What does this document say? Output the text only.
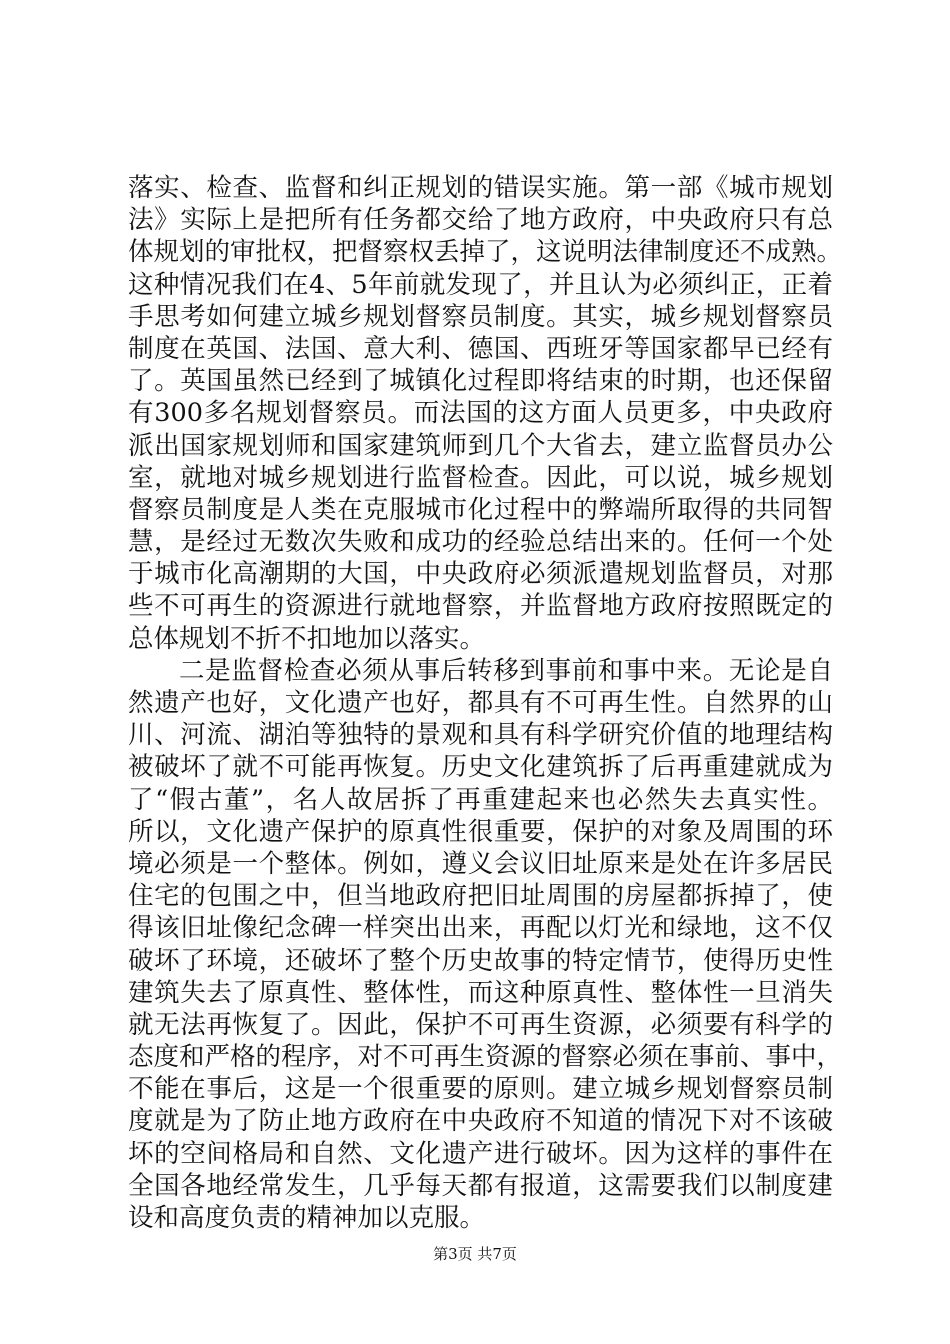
落实、检查、监督和纠正规划的错误实施。第一部《城市规划
法》实际上是把所有任务都交给了地方政府，中央政府只有总
体规划的审批权，把督察权丢掉了，这说明法律制度还不成熟。
这种情况我们在4、5年前就发现了，并且认为必须纠正，正着
手思考如何建立城乡规划督察员制度。其实，城乡规划督察员
制度在英国、法国、意大利、德国、西班牙等国家都早已经有
了。英国虽然已经到了城镇化过程即将结束的时期，也还保留
有300多名规划督察员。而法国的这方面人员更多，中央政府
派出国家规划师和国家建筑师到几个大省去，建立监督员办公
室，就地对城乡规划进行监督检查。因此，可以说，城乡规划
督察员制度是人类在克服城市化过程中的弊端所取得的共同智
慧，是经过无数次失败和成功的经验总结出来的。任何一个处
于城市化高潮期的大国，中央政府必须派遣规划监督员，对那
些不可再生的资源进行就地督察，并监督地方政府按照既定的
总体规划不折不扣地加以落实。
二是监督检查必须从事后转移到事前和事中来。无论是自
然遗产也好，文化遗产也好，都具有不可再生性。自然界的山
川、河流、湖泊等独特的景观和具有科学研究价值的地理结构
被破坏了就不可能再恢复。历史文化建筑拆了后再重建就成为
了“假古董”，名人故居拆了再重建起来也必然失去真实性。
所以，文化遗产保护的原真性很重要，保护的对象及周围的环
境必须是一个整体。例如，遵义会议旧址原来是处在许多居民
住宅的包围之中，但当地政府把旧址周围的房屋都拆掉了，使
得该旧址像纪念碑一样突出出来，再配以灯光和绿地，这不仅
破坏了环境，还破坏了整个历史故事的特定情节，使得历史性
建筑失去了原真性、整体性，而这种原真性、整体性一旦消失
就无法再恢复了。因此，保护不可再生资源，必须要有科学的
态度和严格的程序，对不可再生资源的督察必须在事前、事中，
不能在事后，这是一个很重要的原则。建立城乡规划督察员制
度就是为了防止地方政府在中央政府不知道的情况下对不该破
坏的空间格局和自然、文化遗产进行破坏。因为这样的事件在
全国各地经常发生，几乎每天都有报道，这需要我们以制度建
设和高度负责的精神加以克服。
第3页 共7页
